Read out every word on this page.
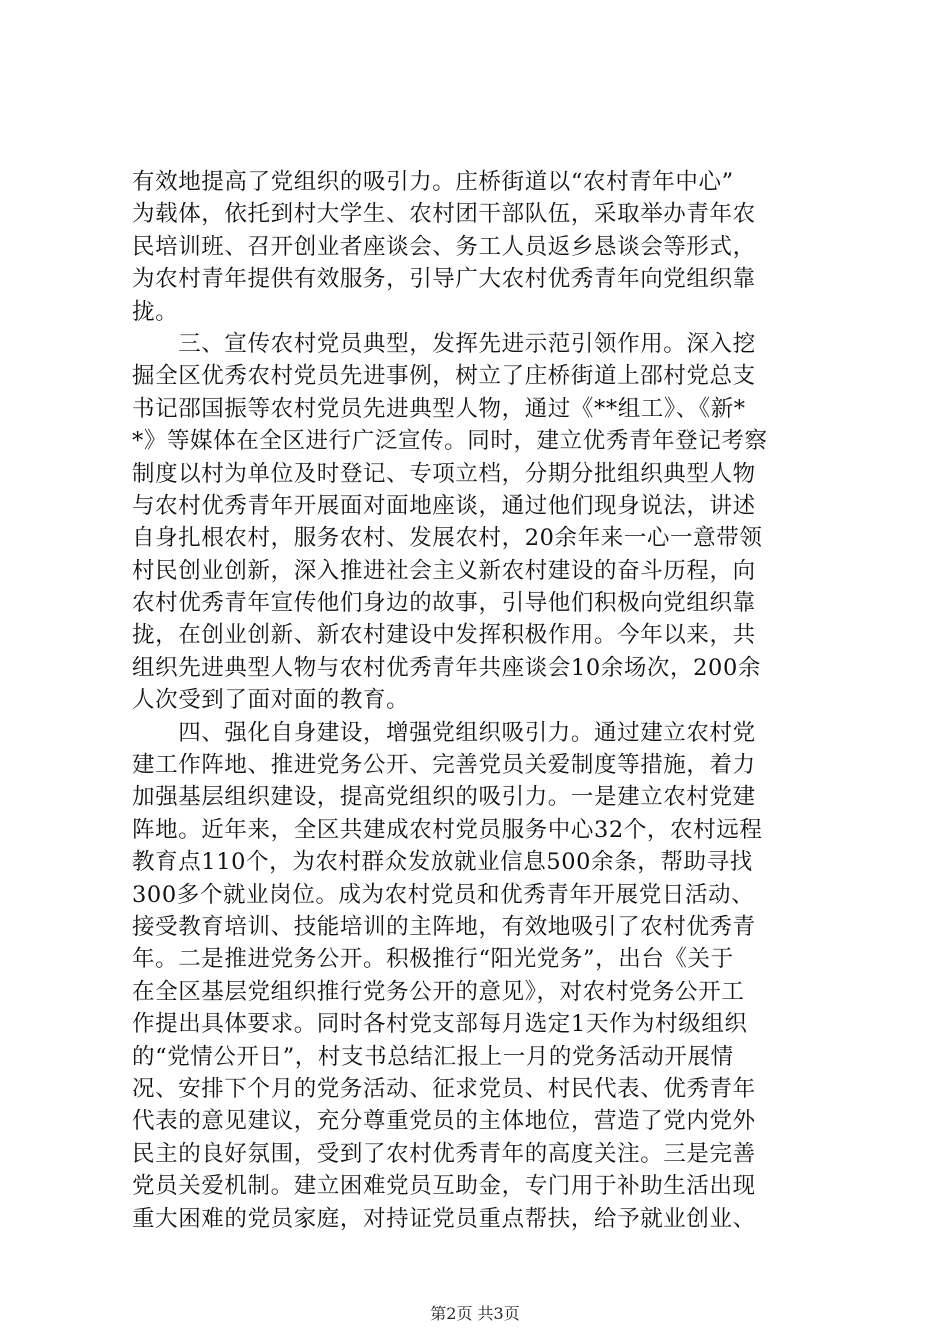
有效地提高了党组织的吸引力。庄桥街道以“农村青年中心”
为载体，依托到村大学生、农村团干部队伍，采取举办青年农
民培训班、召开创业者座谈会、务工人员返乡恳谈会等形式，
为农村青年提供有效服务，引导广大农村优秀青年向党组织靠
拢。
　　三、宣传农村党员典型，发挥先进示范引领作用。深入挖
掘全区优秀农村党员先进事例，树立了庄桥街道上邵村党总支
书记邵国振等农村党员先进典型人物，通过《**组工》、《新*
*》等媒体在全区进行广泛宣传。同时，建立优秀青年登记考察
制度以村为单位及时登记、专项立档，分期分批组织典型人物
与农村优秀青年开展面对面地座谈，通过他们现身说法，讲述
自身扎根农村，服务农村、发展农村，20余年来一心一意带领
村民创业创新，深入推进社会主义新农村建设的奋斗历程，向
农村优秀青年宣传他们身边的故事，引导他们积极向党组织靠
拢，在创业创新、新农村建设中发挥积极作用。今年以来，共
组织先进典型人物与农村优秀青年共座谈会10余场次，200余
人次受到了面对面的教育。
　　四、强化自身建设，增强党组织吸引力。通过建立农村党
建工作阵地、推进党务公开、完善党员关爱制度等措施，着力
加强基层组织建设，提高党组织的吸引力。一是建立农村党建
阵地。近年来，全区共建成农村党员服务中心32个，农村远程
教育点110个，为农村群众发放就业信息500余条，帮助寻找
300多个就业岗位。成为农村党员和优秀青年开展党日活动、
接受教育培训、技能培训的主阵地，有效地吸引了农村优秀青
年。二是推进党务公开。积极推行“阳光党务”，出台《关于
在全区基层党组织推行党务公开的意见》，对农村党务公开工
作提出具体要求。同时各村党支部每月选定1天作为村级组织
的“党情公开日”，村支书总结汇报上一月的党务活动开展情
况、安排下个月的党务活动、征求党员、村民代表、优秀青年
代表的意见建议，充分尊重党员的主体地位，营造了党内党外
民主的良好氛围，受到了农村优秀青年的高度关注。三是完善
党员关爱机制。建立困难党员互助金，专门用于补助生活出现
重大困难的党员家庭，对持证党员重点帮扶，给予就业创业、
第2页 共3页
